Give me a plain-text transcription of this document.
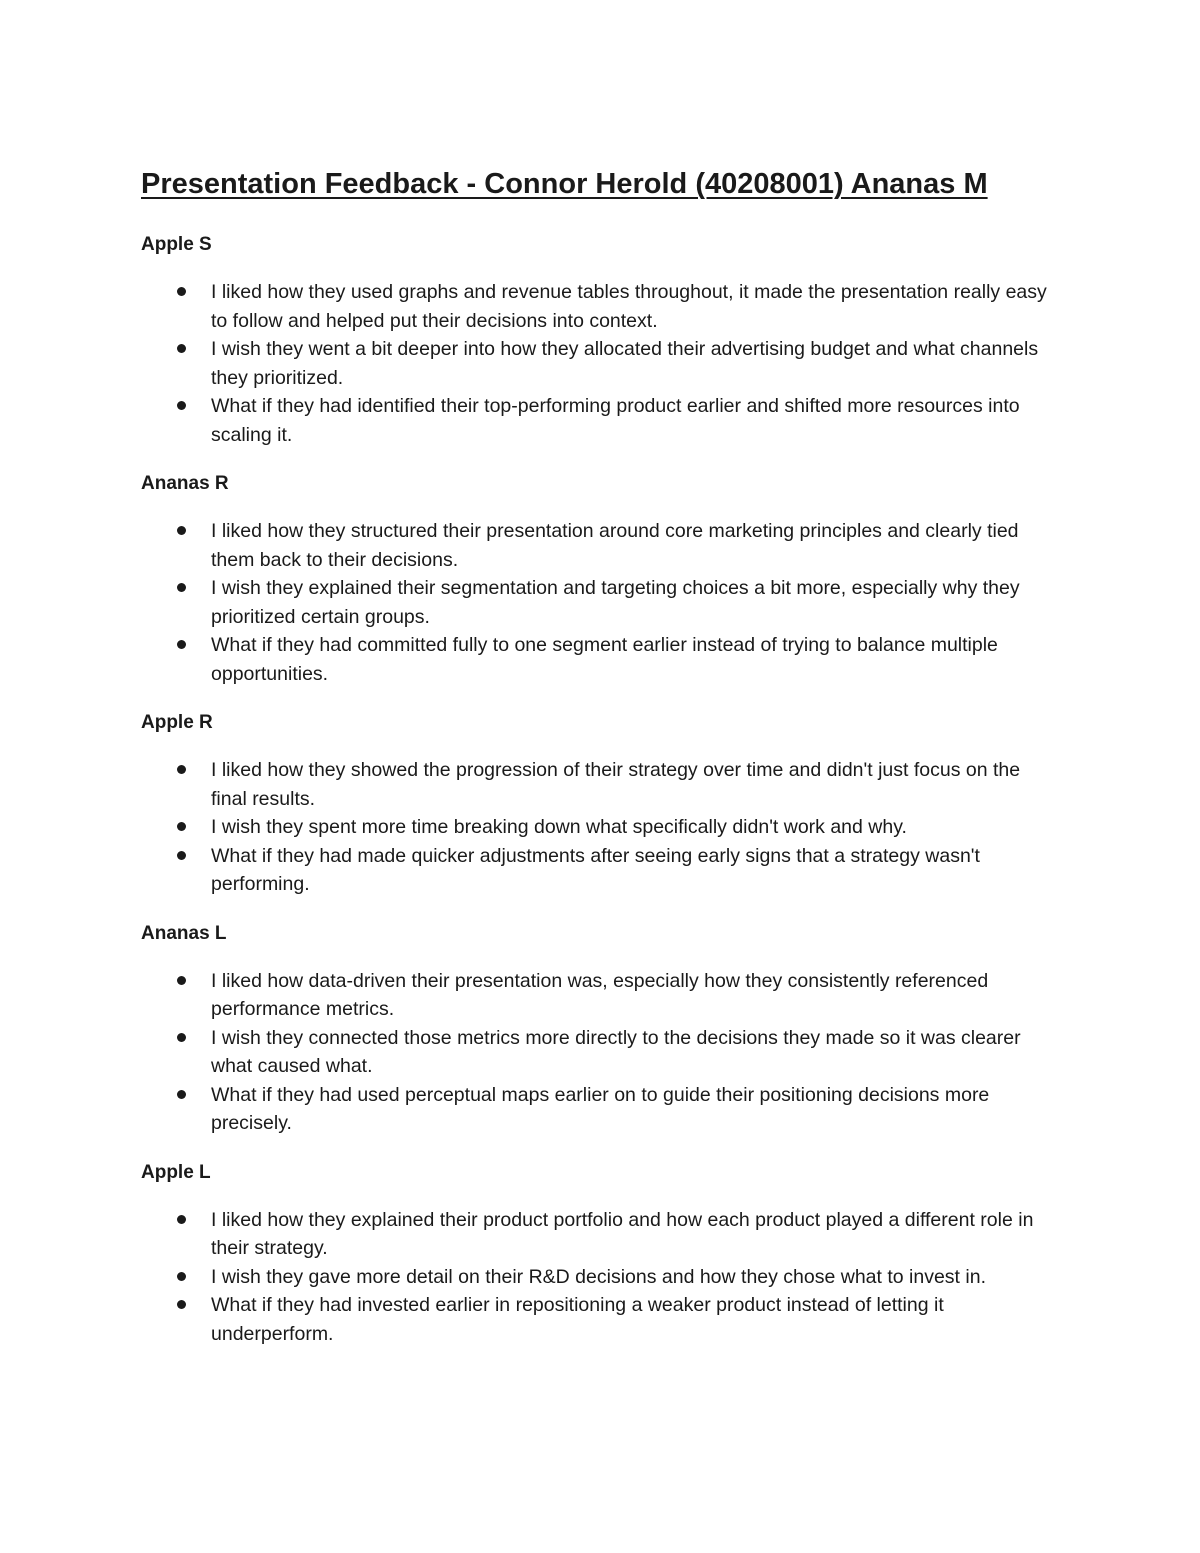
Presentation Feedback - Connor Herold (40208001) Ananas M
Apple S
I liked how they used graphs and revenue tables throughout, it made the presentation really easy to follow and helped put their decisions into context.
I wish they went a bit deeper into how they allocated their advertising budget and what channels they prioritized.
What if they had identified their top-performing product earlier and shifted more resources into scaling it.
Ananas R
I liked how they structured their presentation around core marketing principles and clearly tied them back to their decisions.
I wish they explained their segmentation and targeting choices a bit more, especially why they prioritized certain groups.
What if they had committed fully to one segment earlier instead of trying to balance multiple opportunities.
Apple R
I liked how they showed the progression of their strategy over time and didn't just focus on the final results.
I wish they spent more time breaking down what specifically didn't work and why.
What if they had made quicker adjustments after seeing early signs that a strategy wasn't performing.
Ananas L
I liked how data-driven their presentation was, especially how they consistently referenced performance metrics.
I wish they connected those metrics more directly to the decisions they made so it was clearer what caused what.
What if they had used perceptual maps earlier on to guide their positioning decisions more precisely.
Apple L
I liked how they explained their product portfolio and how each product played a different role in their strategy.
I wish they gave more detail on their R&D decisions and how they chose what to invest in.
What if they had invested earlier in repositioning a weaker product instead of letting it underperform.
